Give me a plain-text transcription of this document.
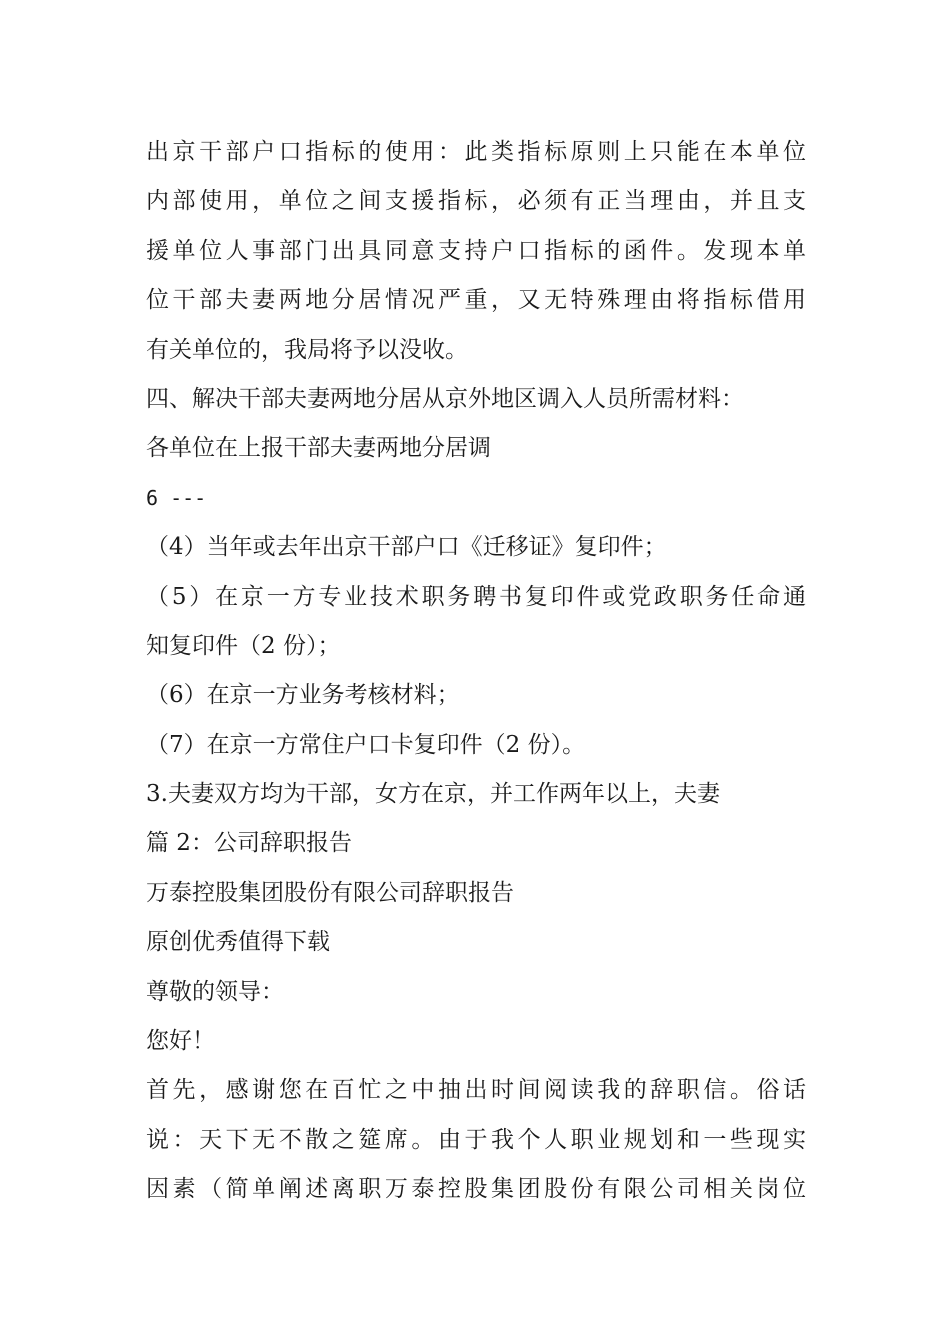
出京干部户口指标的使用：此类指标原则上只能在本单位
内部使用，单位之间支援指标，必须有正当理由，并且支
援单位人事部门出具同意支持户口指标的函件。发现本单
位干部夫妻两地分居情况严重，又无特殊理由将指标借用
有关单位的，我局将予以没收。
四、解决干部夫妻两地分居从京外地区调入人员所需材料：
各单位在上报干部夫妻两地分居调
6 ---
（4）当年或去年出京干部户口《迁移证》复印件；
（5）在京一方专业技术职务聘书复印件或党政职务任命通
知复印件（2 份）；
（6）在京一方业务考核材料；
（7）在京一方常住户口卡复印件（2 份）。
3.夫妻双方均为干部，女方在京，并工作两年以上，夫妻
篇 2：公司辞职报告
万泰控股集团股份有限公司辞职报告
原创优秀值得下载
尊敬的领导：
您好！
首先，感谢您在百忙之中抽出时间阅读我的辞职信。俗话
说：天下无不散之筵席。由于我个人职业规划和一些现实
因素（简单阐述离职万泰控股集团股份有限公司相关岗位
